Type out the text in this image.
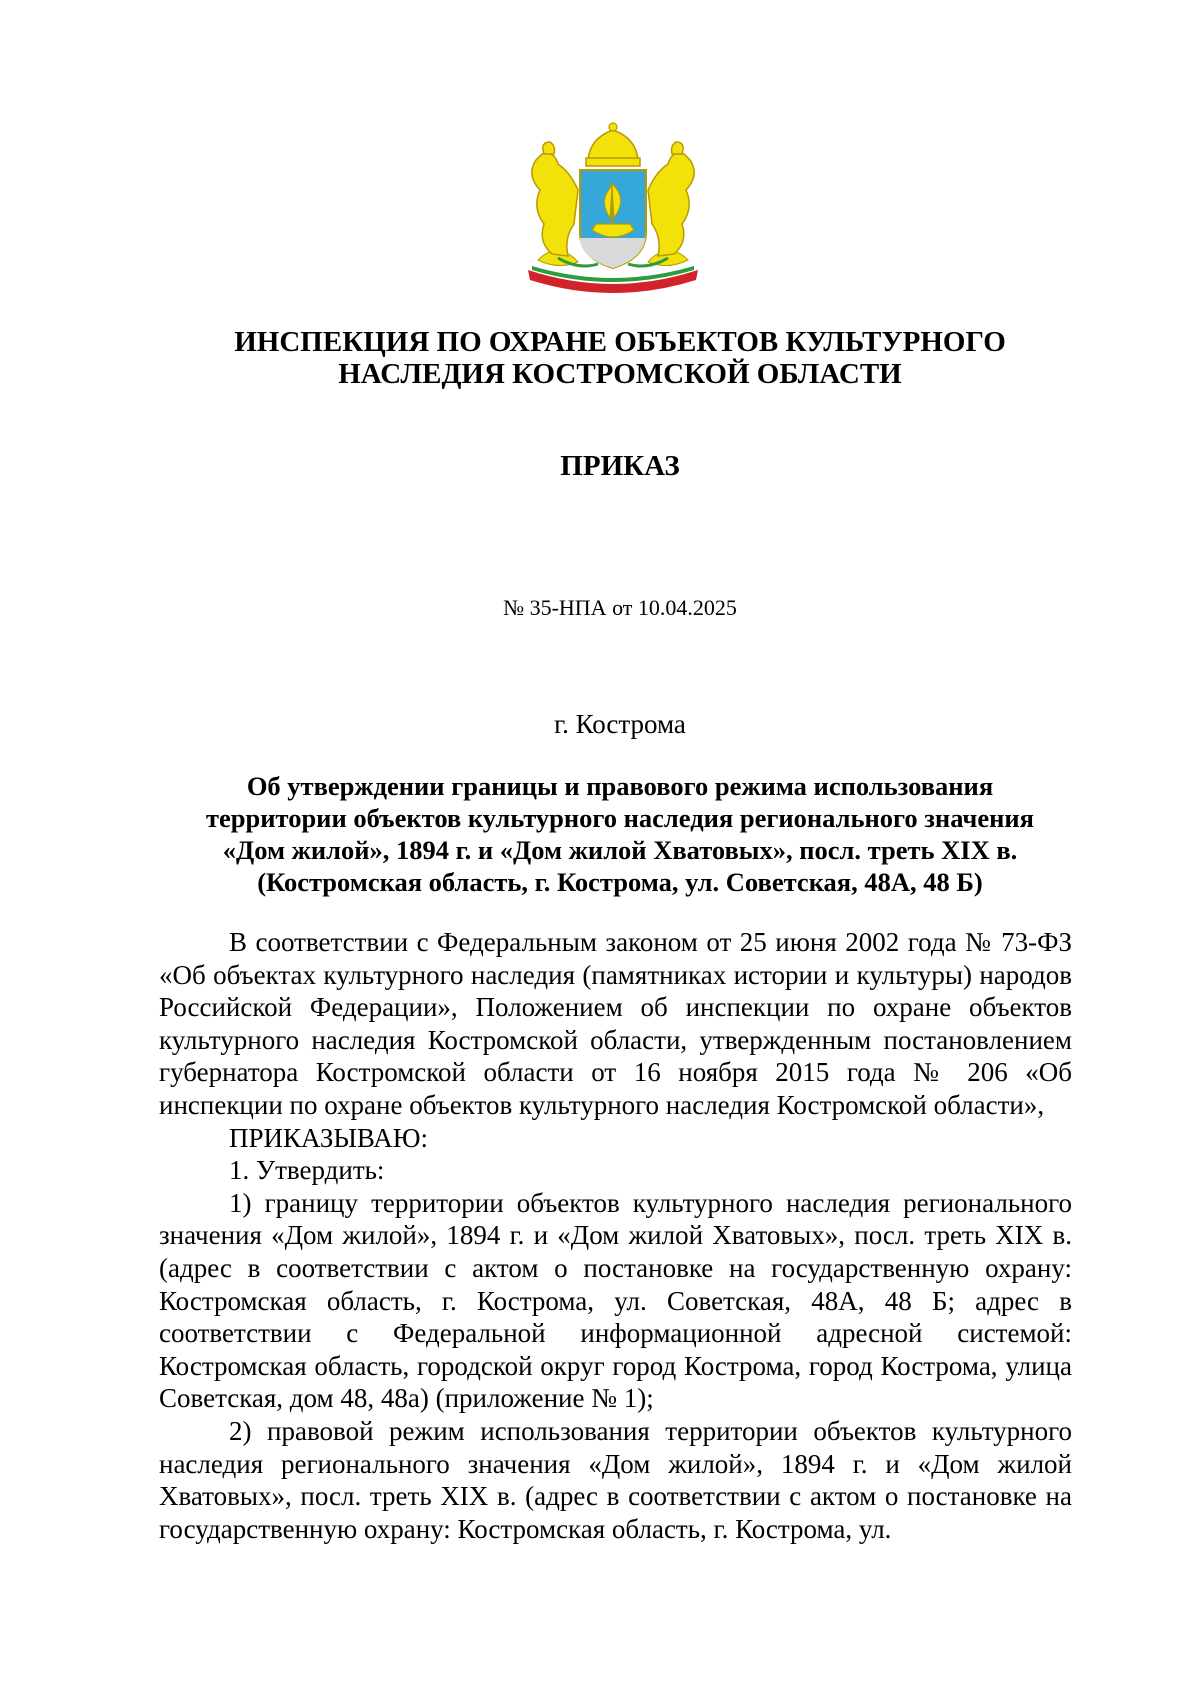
ИНСПЕКЦИЯ ПО ОХРАНЕ ОБЪЕКТОВ КУЛЬТУРНОГО
НАСЛЕДИЯ КОСТРОМСКОЙ ОБЛАСТИ
ПРИКАЗ
№ 35-НПА от 10.04.2025
г. Кострома
Об утверждении границы и правового режима использования
территории объектов культурного наследия регионального значения
«Дом жилой», 1894 г. и «Дом жилой Хватовых», посл. треть XIX в.
(Костромская область, г. Кострома, ул. Советская, 48А, 48 Б)

В соответствии с Федеральным законом от 25 июня 2002 года № 73-ФЗ «Об объектах культурного наследия (памятниках истории и культуры) народов Российской Федерации», Положением об инспекции по охране объектов культурного наследия Костромской области, утвержденным постановлением губернатора Костромской области от 16 ноября 2015 года № 206 «Об инспекции по охране объектов культурного наследия Костромской области»,

ПРИКАЗЫВАЮ:

1. Утвердить:

1) границу территории объектов культурного наследия регионального значения «Дом жилой», 1894 г. и «Дом жилой Хватовых», посл. треть XIX в. (адрес в соответствии с актом о постановке на государственную охрану: Костромская область, г. Кострома, ул. Советская, 48А, 48 Б; адрес в соответствии с Федеральной информационной адресной системой: Костромская область, городской округ город Кострома, город Кострома, улица Советская, дом 48, 48а) (приложение № 1);

2) правовой режим использования территории объектов культурного наследия регионального значения «Дом жилой», 1894 г. и «Дом жилой Хватовых», посл. треть XIX в. (адрес в соответствии с актом о постановке на государственную охрану: Костромская область, г. Кострома, ул.
